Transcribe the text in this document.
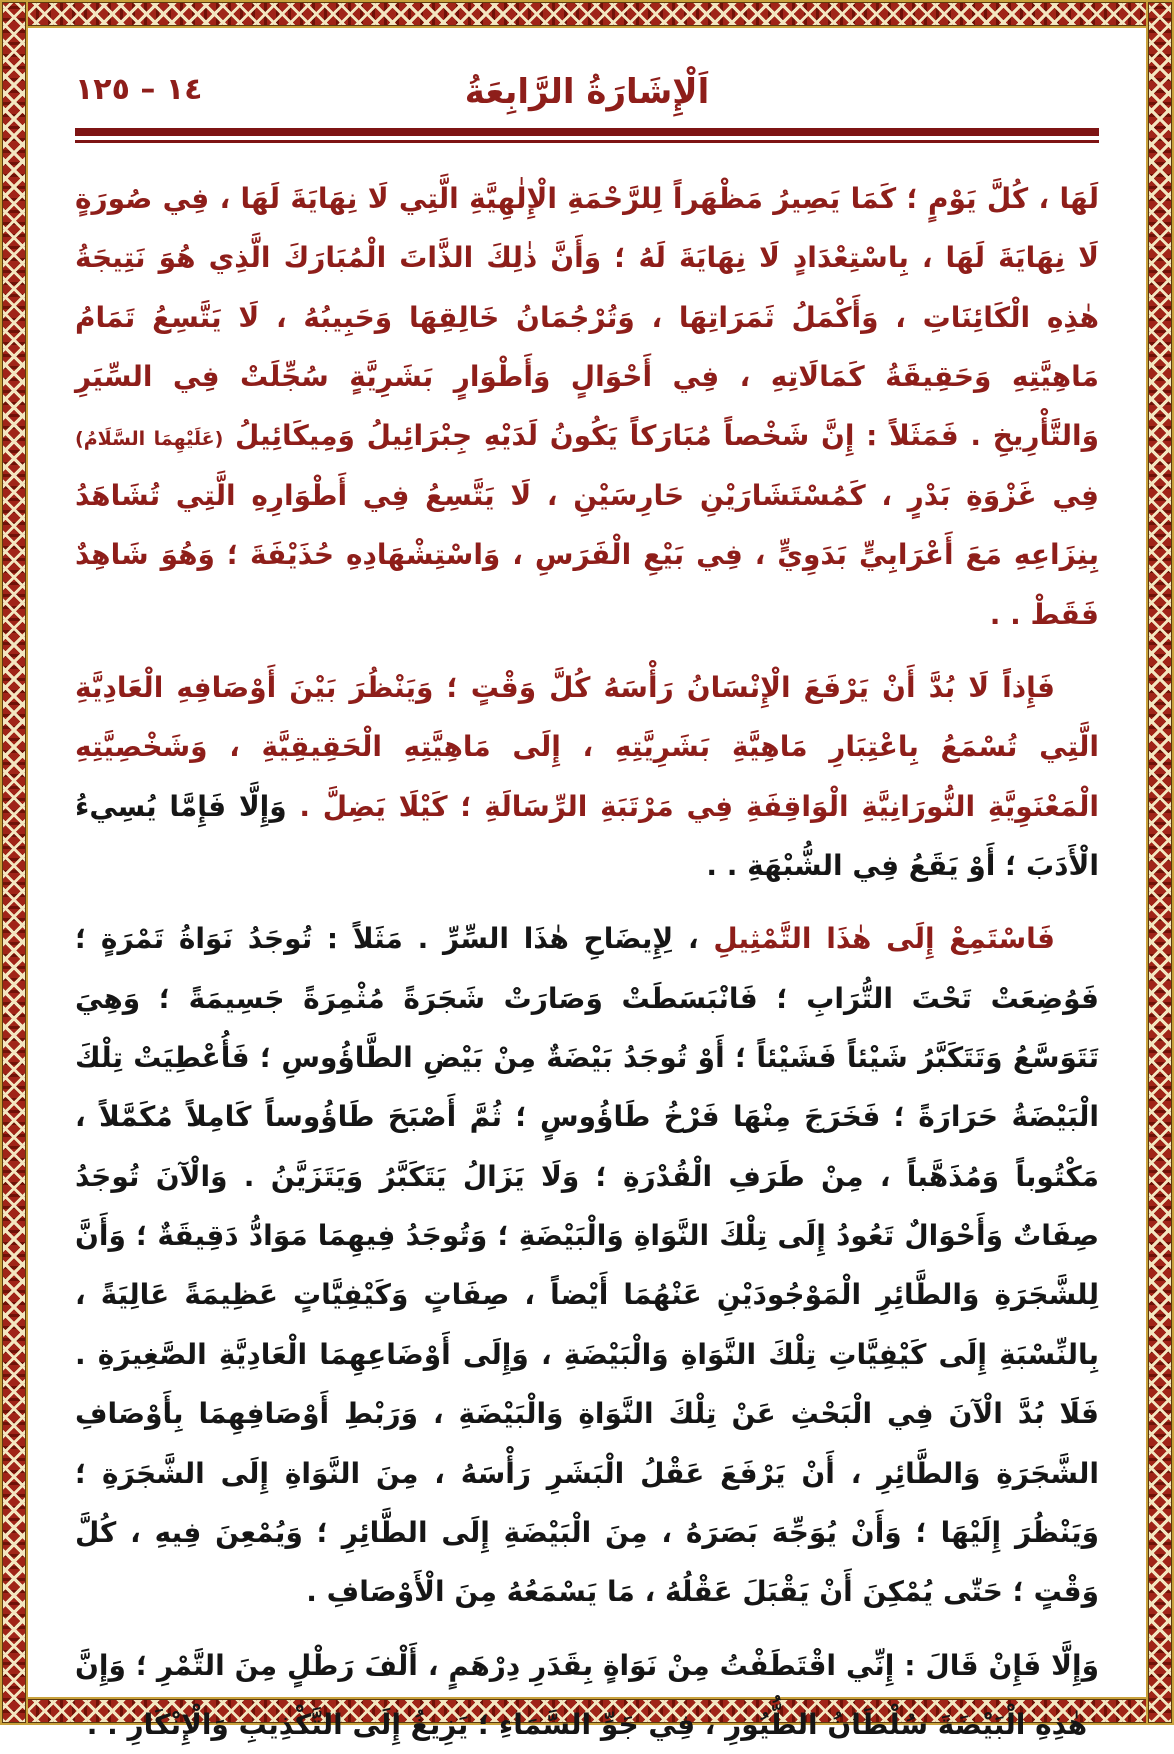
١٤ – ١٢٥	اَلْإِشَارَةُ الرَّابِعَةُ
لَهَا ، كُلَّ يَوْمٍ ؛ كَمَا يَصِيرُ مَظْهَراً لِلرَّحْمَةِ الْإِلٰهِيَّةِ الَّتِي لَا نِهَايَةَ لَهَا ، فِي صُورَةٍ لَا نِهَايَةَ لَهَا ، بِاسْتِعْدَادٍ لَا نِهَايَةَ لَهُ ؛ وَأَنَّ ذٰلِكَ الذَّاتَ الْمُبَارَكَ الَّذِي هُوَ نَتِيجَةُ هٰذِهِ الْكَائِنَاتِ ، وَأَكْمَلُ ثَمَرَاتِهَا ، وَتُرْجُمَانُ خَالِقِهَا وَحَبِيبُهُ ، لَا يَتَّسِعُ تَمَامُ مَاهِيَّتِهِ وَحَقِيقَةُ كَمَالَاتِهِ ، فِي أَحْوَالٍ وَأَطْوَارٍ بَشَرِيَّةٍ سُجِّلَتْ فِي السِّيَرِ وَالتَّأْرِيخِ . فَمَثَلاً : إِنَّ شَخْصاً مُبَارَكاً يَكُونُ لَدَيْهِ جِبْرَائِيلُ وَمِيكَائِيلُ (عَلَيْهِمَا السَّلَامُ) فِي غَزْوَةِ بَدْرٍ ، كَمُسْتَشَارَيْنِ حَارِسَيْنِ ، لَا يَتَّسِعُ فِي أَطْوَارِهِ الَّتِي تُشَاهَدُ بِنِزَاعِهِ مَعَ أَعْرَابِيٍّ بَدَوِيٍّ ، فِي بَيْعِ الْفَرَسِ ، وَاسْتِشْهَادِهِ حُذَيْفَةَ ؛ وَهُوَ شَاهِدٌ فَقَطْ . .
فَإِذاً لَا بُدَّ أَنْ يَرْفَعَ الْإِنْسَانُ رَأْسَهُ كُلَّ وَقْتٍ ؛ وَيَنْظُرَ بَيْنَ أَوْصَافِهِ الْعَادِيَّةِ الَّتِي تُسْمَعُ بِاعْتِبَارِ مَاهِيَّةِ بَشَرِيَّتِهِ ، إِلَى مَاهِيَّتِهِ الْحَقِيقِيَّةِ ، وَشَخْصِيَّتِهِ الْمَعْنَوِيَّةِ النُّورَانِيَّةِ الْوَاقِفَةِ فِي مَرْتَبَةِ الرِّسَالَةِ ؛ كَيْلَا يَضِلَّ . وَإِلَّا فَإِمَّا يُسِيءُ الْأَدَبَ ؛ أَوْ يَقَعُ فِي الشُّبْهَةِ . .
فَاسْتَمِعْ إِلَى هٰذَا التَّمْثِيلِ ، لِإِيضَاحِ هٰذَا السِّرِّ . مَثَلاً : تُوجَدُ نَوَاةُ تَمْرَةٍ ؛ فَوُضِعَتْ تَحْتَ التُّرَابِ ؛ فَانْبَسَطَتْ وَصَارَتْ شَجَرَةً مُثْمِرَةً جَسِيمَةً ؛ وَهِيَ تَتَوَسَّعُ وَتَتَكَبَّرُ شَيْئاً فَشَيْئاً ؛ أَوْ تُوجَدُ بَيْضَةٌ مِنْ بَيْضِ الطَّاؤُوسِ ؛ فَأُعْطِيَتْ تِلْكَ الْبَيْضَةُ حَرَارَةً ؛ فَخَرَجَ مِنْهَا فَرْخُ طَاؤُوسٍ ؛ ثُمَّ أَصْبَحَ طَاؤُوساً كَامِلاً مُكَمَّلاً ، مَكْتُوباً وَمُذَهَّباً ، مِنْ طَرَفِ الْقُدْرَةِ ؛ وَلَا يَزَالُ يَتَكَبَّرُ وَيَتَزَيَّنُ . وَالْآنَ تُوجَدُ صِفَاتٌ وَأَحْوَالٌ تَعُودُ إِلَى تِلْكَ النَّوَاةِ وَالْبَيْضَةِ ؛ وَتُوجَدُ فِيهِمَا مَوَادُّ دَقِيقَةٌ ؛ وَأَنَّ لِلشَّجَرَةِ وَالطَّائِرِ الْمَوْجُودَيْنِ عَنْهُمَا أَيْضاً ، صِفَاتٍ وَكَيْفِيَّاتٍ عَظِيمَةً عَالِيَةً ، بِالنِّسْبَةِ إِلَى كَيْفِيَّاتِ تِلْكَ النَّوَاةِ وَالْبَيْضَةِ ، وَإِلَى أَوْضَاعِهِمَا الْعَادِيَّةِ الصَّغِيرَةِ . فَلَا بُدَّ الْآنَ فِي الْبَحْثِ عَنْ تِلْكَ النَّوَاةِ وَالْبَيْضَةِ ، وَرَبْطِ أَوْصَافِهِمَا بِأَوْصَافِ الشَّجَرَةِ وَالطَّائِرِ ، أَنْ يَرْفَعَ عَقْلُ الْبَشَرِ رَأْسَهُ ، مِنَ النَّوَاةِ إِلَى الشَّجَرَةِ ؛ وَيَنْظُرَ إِلَيْهَا ؛ وَأَنْ يُوَجِّهَ بَصَرَهُ ، مِنَ الْبَيْضَةِ إِلَى الطَّائِرِ ؛ وَيُمْعِنَ فِيهِ ، كُلَّ وَقْتٍ ؛ حَتّٰى يُمْكِنَ أَنْ يَقْبَلَ عَقْلُهُ ، مَا يَسْمَعُهُ مِنَ الْأَوْصَافِ .
وَإِلَّا فَإِنْ قَالَ : إِنِّي اقْتَطَفْتُ مِنْ نَوَاةٍ بِقَدَرِ دِرْهَمٍ ، أَلْفَ رَطْلٍ مِنَ التَّمْرِ ؛ وَإِنَّ هٰذِهِ الْبَيْضَةَ سُلْطَانُ الطُّيُورِ ، فِي جَوِّ السَّمَاءِ ؛ يَزِيغُ إِلَى التَّكْذِيبِ وَالْإِنْكَارِ . .
